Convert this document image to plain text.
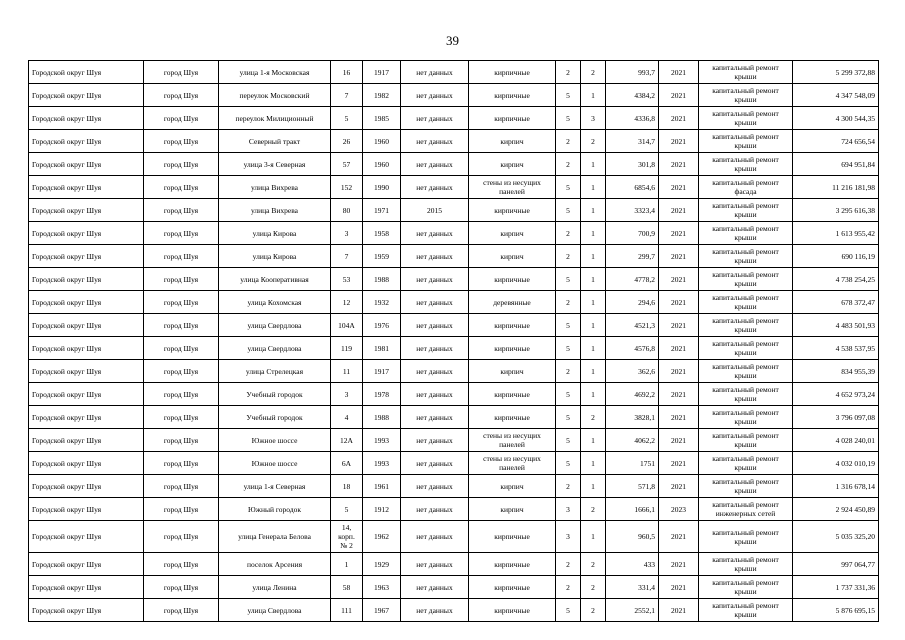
39
Городской округ Шуя	город Шуя	улица 1-я Московская	16	1917	нет данных	кирпичные	2	2	993,7	2021	капитальный ремонт крыши	5 299 372,88
Городской округ Шуя	город Шуя	переулок Московский	7	1982	нет данных	кирпичные	5	1	4384,2	2021	капитальный ремонт крыши	4 347 548,09
Городской округ Шуя	город Шуя	переулок Милиционный	5	1985	нет данных	кирпичные	5	3	4336,8	2021	капитальный ремонт крыши	4 300 544,35
Городской округ Шуя	город Шуя	Северный тракт	26	1960	нет данных	кирпич	2	2	314,7	2021	капитальный ремонт крыши	724 656,54
Городской округ Шуя	город Шуя	улица 3-я Северная	57	1960	нет данных	кирпич	2	1	301,8	2021	капитальный ремонт крыши	694 951,84
Городской округ Шуя	город Шуя	улица Вихрева	152	1990	нет данных	стены из несущих панелей	5	1	6854,6	2021	капитальный ремонт фасада	11 216 181,98
Городской округ Шуя	город Шуя	улица Вихрева	80	1971	2015	кирпичные	5	1	3323,4	2021	капитальный ремонт крыши	3 295 616,38
Городской округ Шуя	город Шуя	улица Кирова	3	1958	нет данных	кирпич	2	1	700,9	2021	капитальный ремонт крыши	1 613 955,42
Городской округ Шуя	город Шуя	улица Кирова	7	1959	нет данных	кирпич	2	1	299,7	2021	капитальный ремонт крыши	690 116,19
Городской округ Шуя	город Шуя	улица Кооперативная	53	1988	нет данных	кирпичные	5	1	4778,2	2021	капитальный ремонт крыши	4 738 254,25
Городской округ Шуя	город Шуя	улица Кохомская	12	1932	нет данных	деревянные	2	1	294,6	2021	капитальный ремонт крыши	678 372,47
Городской округ Шуя	город Шуя	улица Свердлова	104А	1976	нет данных	кирпичные	5	1	4521,3	2021	капитальный ремонт крыши	4 483 501,93
Городской округ Шуя	город Шуя	улица Свердлова	119	1981	нет данных	кирпичные	5	1	4576,8	2021	капитальный ремонт крыши	4 538 537,95
Городской округ Шуя	город Шуя	улица Стрелецкая	11	1917	нет данных	кирпич	2	1	362,6	2021	капитальный ремонт крыши	834 955,39
Городской округ Шуя	город Шуя	Учебный городок	3	1978	нет данных	кирпичные	5	1	4692,2	2021	капитальный ремонт крыши	4 652 973,24
Городской округ Шуя	город Шуя	Учебный городок	4	1988	нет данных	кирпичные	5	2	3828,1	2021	капитальный ремонт крыши	3 796 097,08
Городской округ Шуя	город Шуя	Южное шоссе	12А	1993	нет данных	стены из несущих панелей	5	1	4062,2	2021	капитальный ремонт крыши	4 028 240,01
Городской округ Шуя	город Шуя	Южное шоссе	6А	1993	нет данных	стены из несущих панелей	5	1	1751	2021	капитальный ремонт крыши	4 032 010,19
Городской округ Шуя	город Шуя	улица 1-я Северная	18	1961	нет данных	кирпич	2	1	571,8	2021	капитальный ремонт крыши	1 316 678,14
Городской округ Шуя	город Шуя	Южный городок	5	1912	нет данных	кирпич	3	2	1666,1	2023	капитальный ремонт инженерных сетей	2 924 450,89
Городской округ Шуя	город Шуя	улица Генерала Белова	14, корп. № 2	1962	нет данных	кирпичные	3	1	960,5	2021	капитальный ремонт крыши	5 035 325,20
Городской округ Шуя	город Шуя	поселок Арсения	1	1929	нет данных	кирпичные	2	2	433	2021	капитальный ремонт крыши	997 064,77
Городской округ Шуя	город Шуя	улица Ленина	58	1963	нет данных	кирпичные	2	2	331,4	2021	капитальный ремонт крыши	1 737 331,36
Городской округ Шуя	город Шуя	улица Свердлова	111	1967	нет данных	кирпичные	5	2	2552,1	2021	капитальный ремонт крыши	5 876 695,15
